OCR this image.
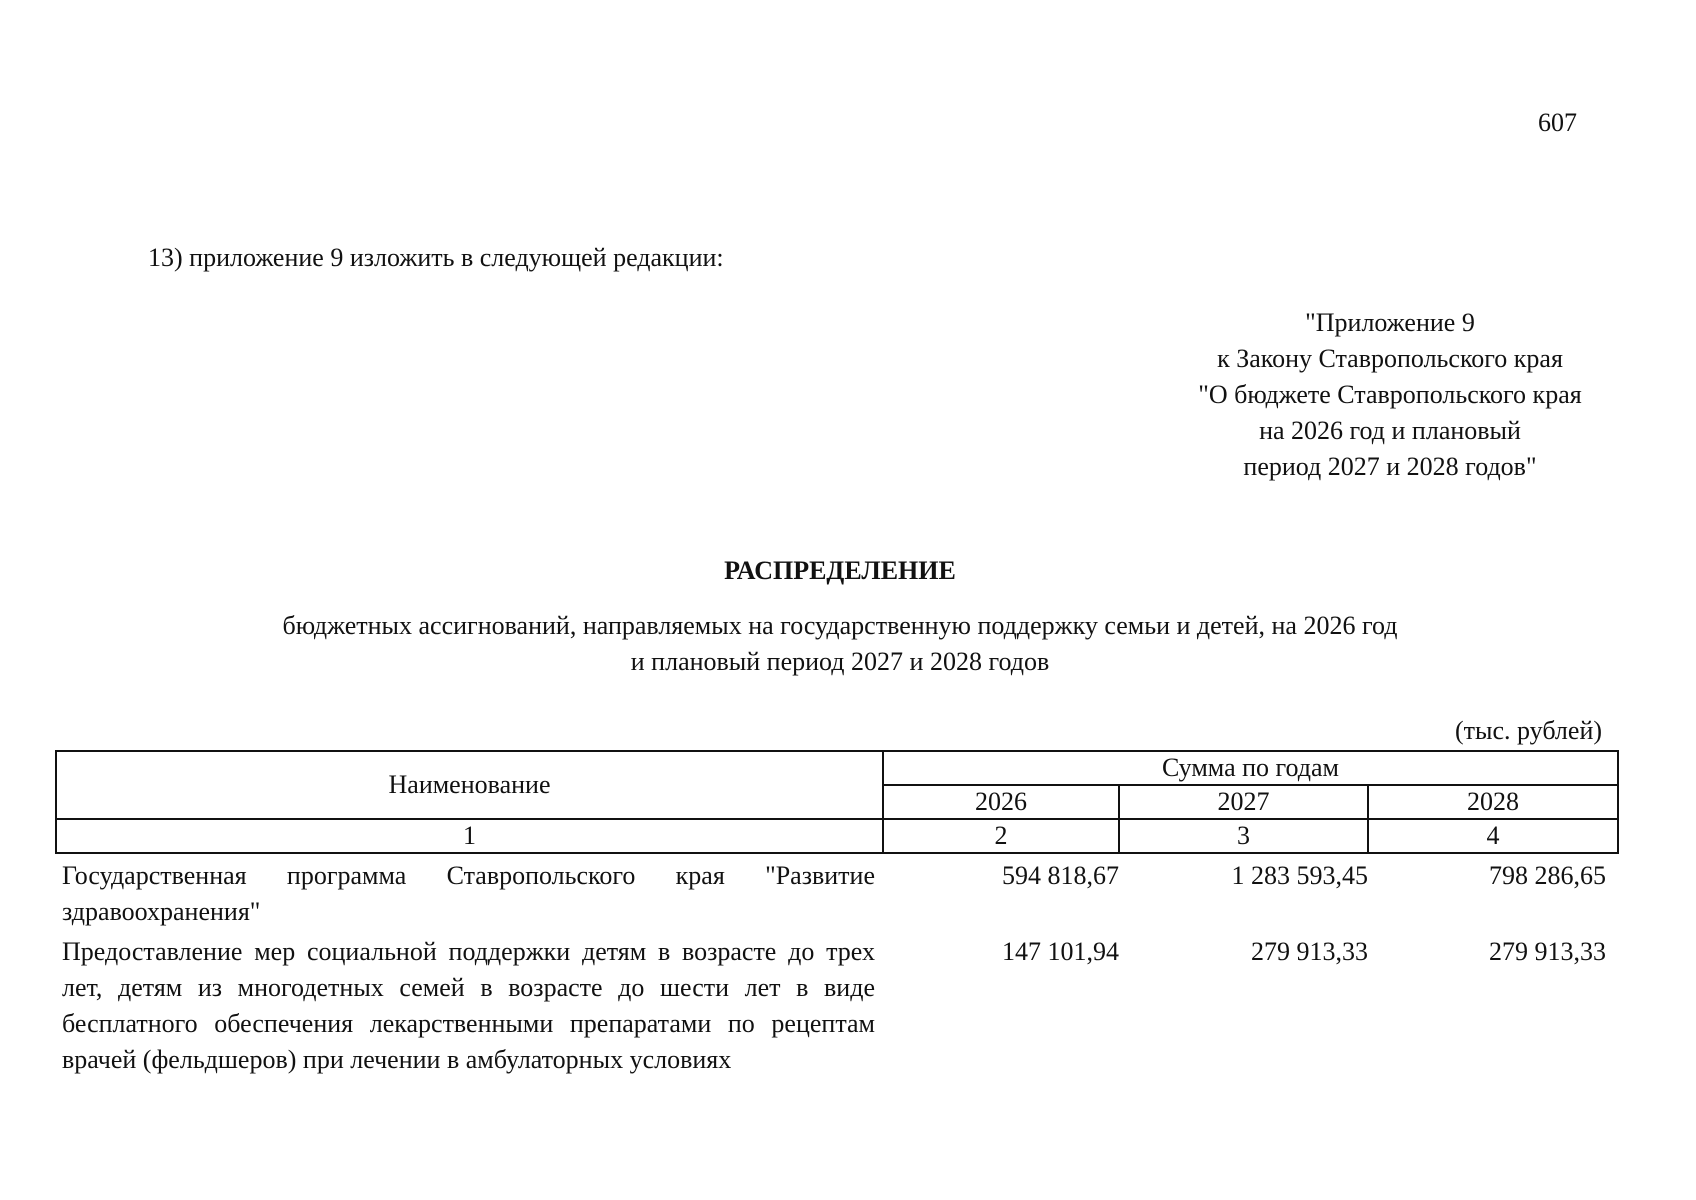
607
13) приложение 9 изложить в следующей редакции:
"Приложение 9
к Закону Ставропольского края
"О бюджете Ставропольского края
на 2026 год и плановый
период 2027 и 2028 годов"
РАСПРЕДЕЛЕНИЕ
бюджетных ассигнований, направляемых на государственную поддержку семьи и детей, на 2026 год
и плановый период 2027 и 2028 годов
(тыс. рублей)
Наименование	Сумма по годам		
	2026	2027	2028
1	2	3	4
Государственная программа Ставропольского края "Развитие здравоохранения"	594 818,67	1 283 593,45	798 286,65
Предоставление мер социальной поддержки детям в возрасте до трех лет, детям из многодетных семей в возрасте до шести лет в виде бесплатного обеспечения лекарственными препаратами по рецептам врачей (фельдшеров) при лечении в амбулаторных условиях	147 101,94	279 913,33	279 913,33
